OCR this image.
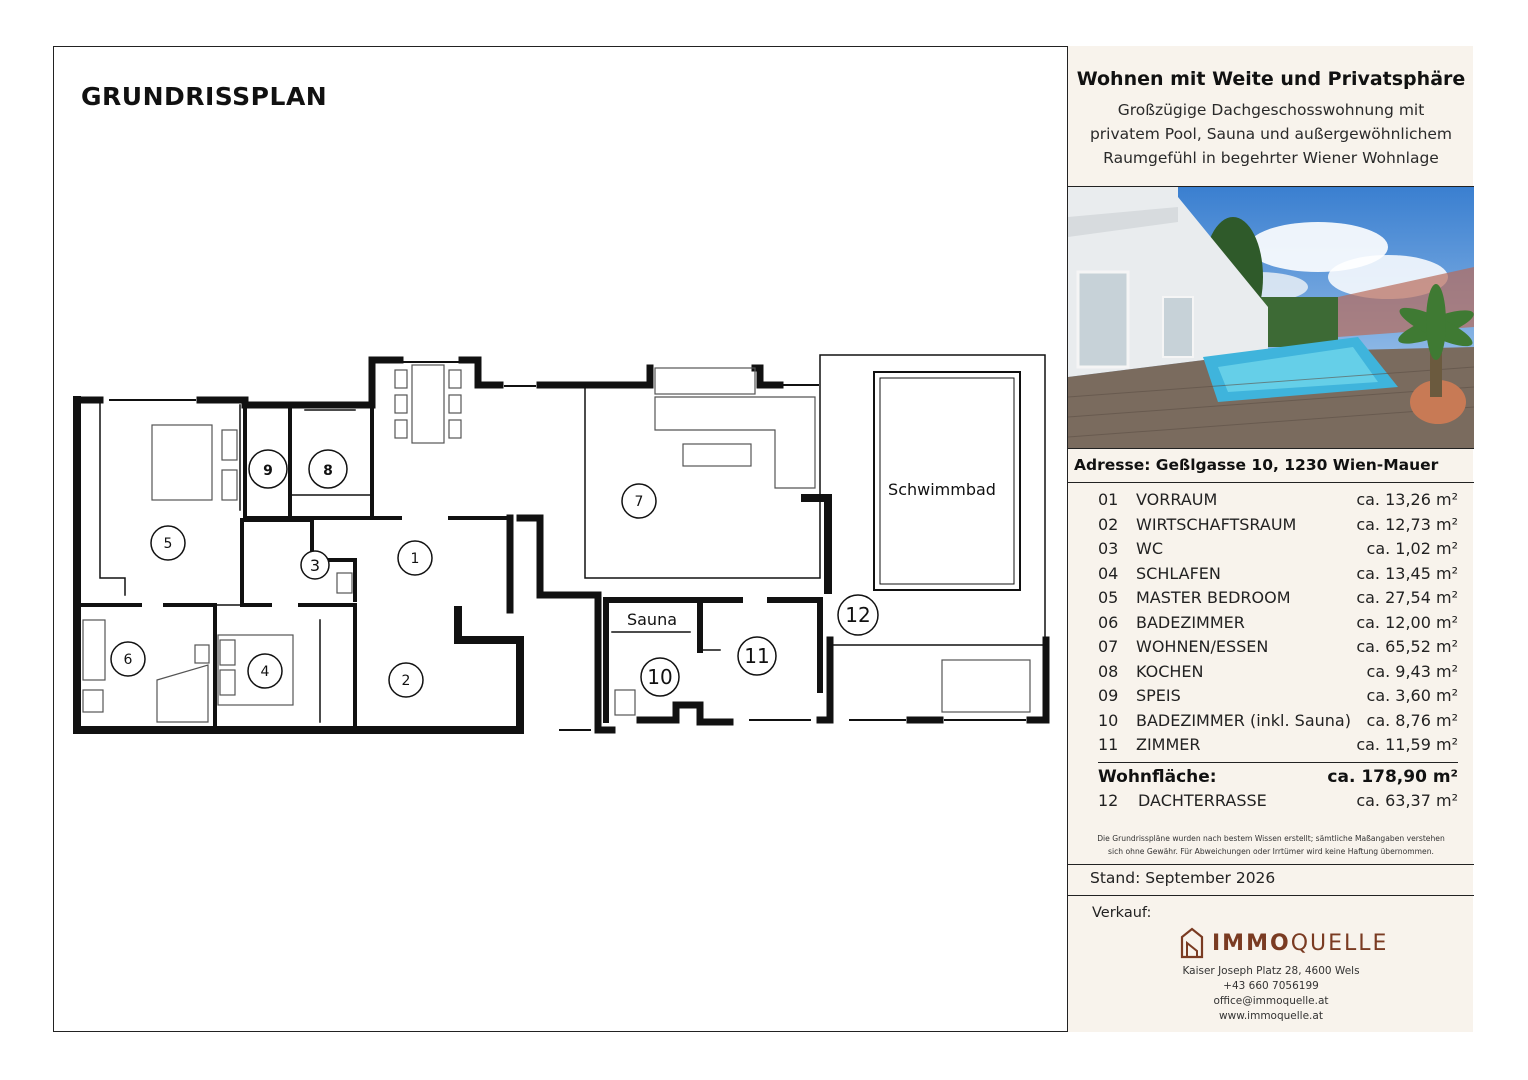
GRUNDRISSPLAN
Schwimmbad
Sauna
1
2
3
4
5
6
7
8
9
10
11
12
Wohnen mit Weite und Privatsphäre
Großzügige Dachgeschosswohnung mit
privatem Pool, Sauna und außergewöhnlichem
Raumgefühl in begehrter Wiener Wohnlage
Adresse: Geßlgasse 10, 1230 Wien-Mauer
01 VORRAUM	ca. 13,26 m²
02 WIRTSCHAFTSRAUM	ca. 12,73 m²
03 WC	ca. 1,02 m²
04 SCHLAFEN	ca. 13,45 m²
05 MASTER BEDROOM	ca. 27,54 m²
06 BADEZIMMER	ca. 12,00 m²
07 WOHNEN/ESSEN	ca. 65,52 m²
08 KOCHEN	ca. 9,43 m²
09 SPEIS	ca. 3,60 m²
10 BADEZIMMER (inkl. Sauna) ca. 8,76 m²
11 ZIMMER	ca. 11,59 m²
Wohnfläche:	ca. 178,90 m²
12 DACHTERRASSE	ca. 63,37 m²
Die Grundrisspläne wurden nach bestem Wissen erstellt; sämtliche Maßangaben verstehen
sich ohne Gewähr. Für Abweichungen oder Irrtümer wird keine Haftung übernommen.
Stand: September 2026
Verkauf:
IMMOQUELLE
Kaiser Joseph Platz 28, 4600 Wels
+43 660 7056199
office@immoquelle.at
www.immoquelle.at
